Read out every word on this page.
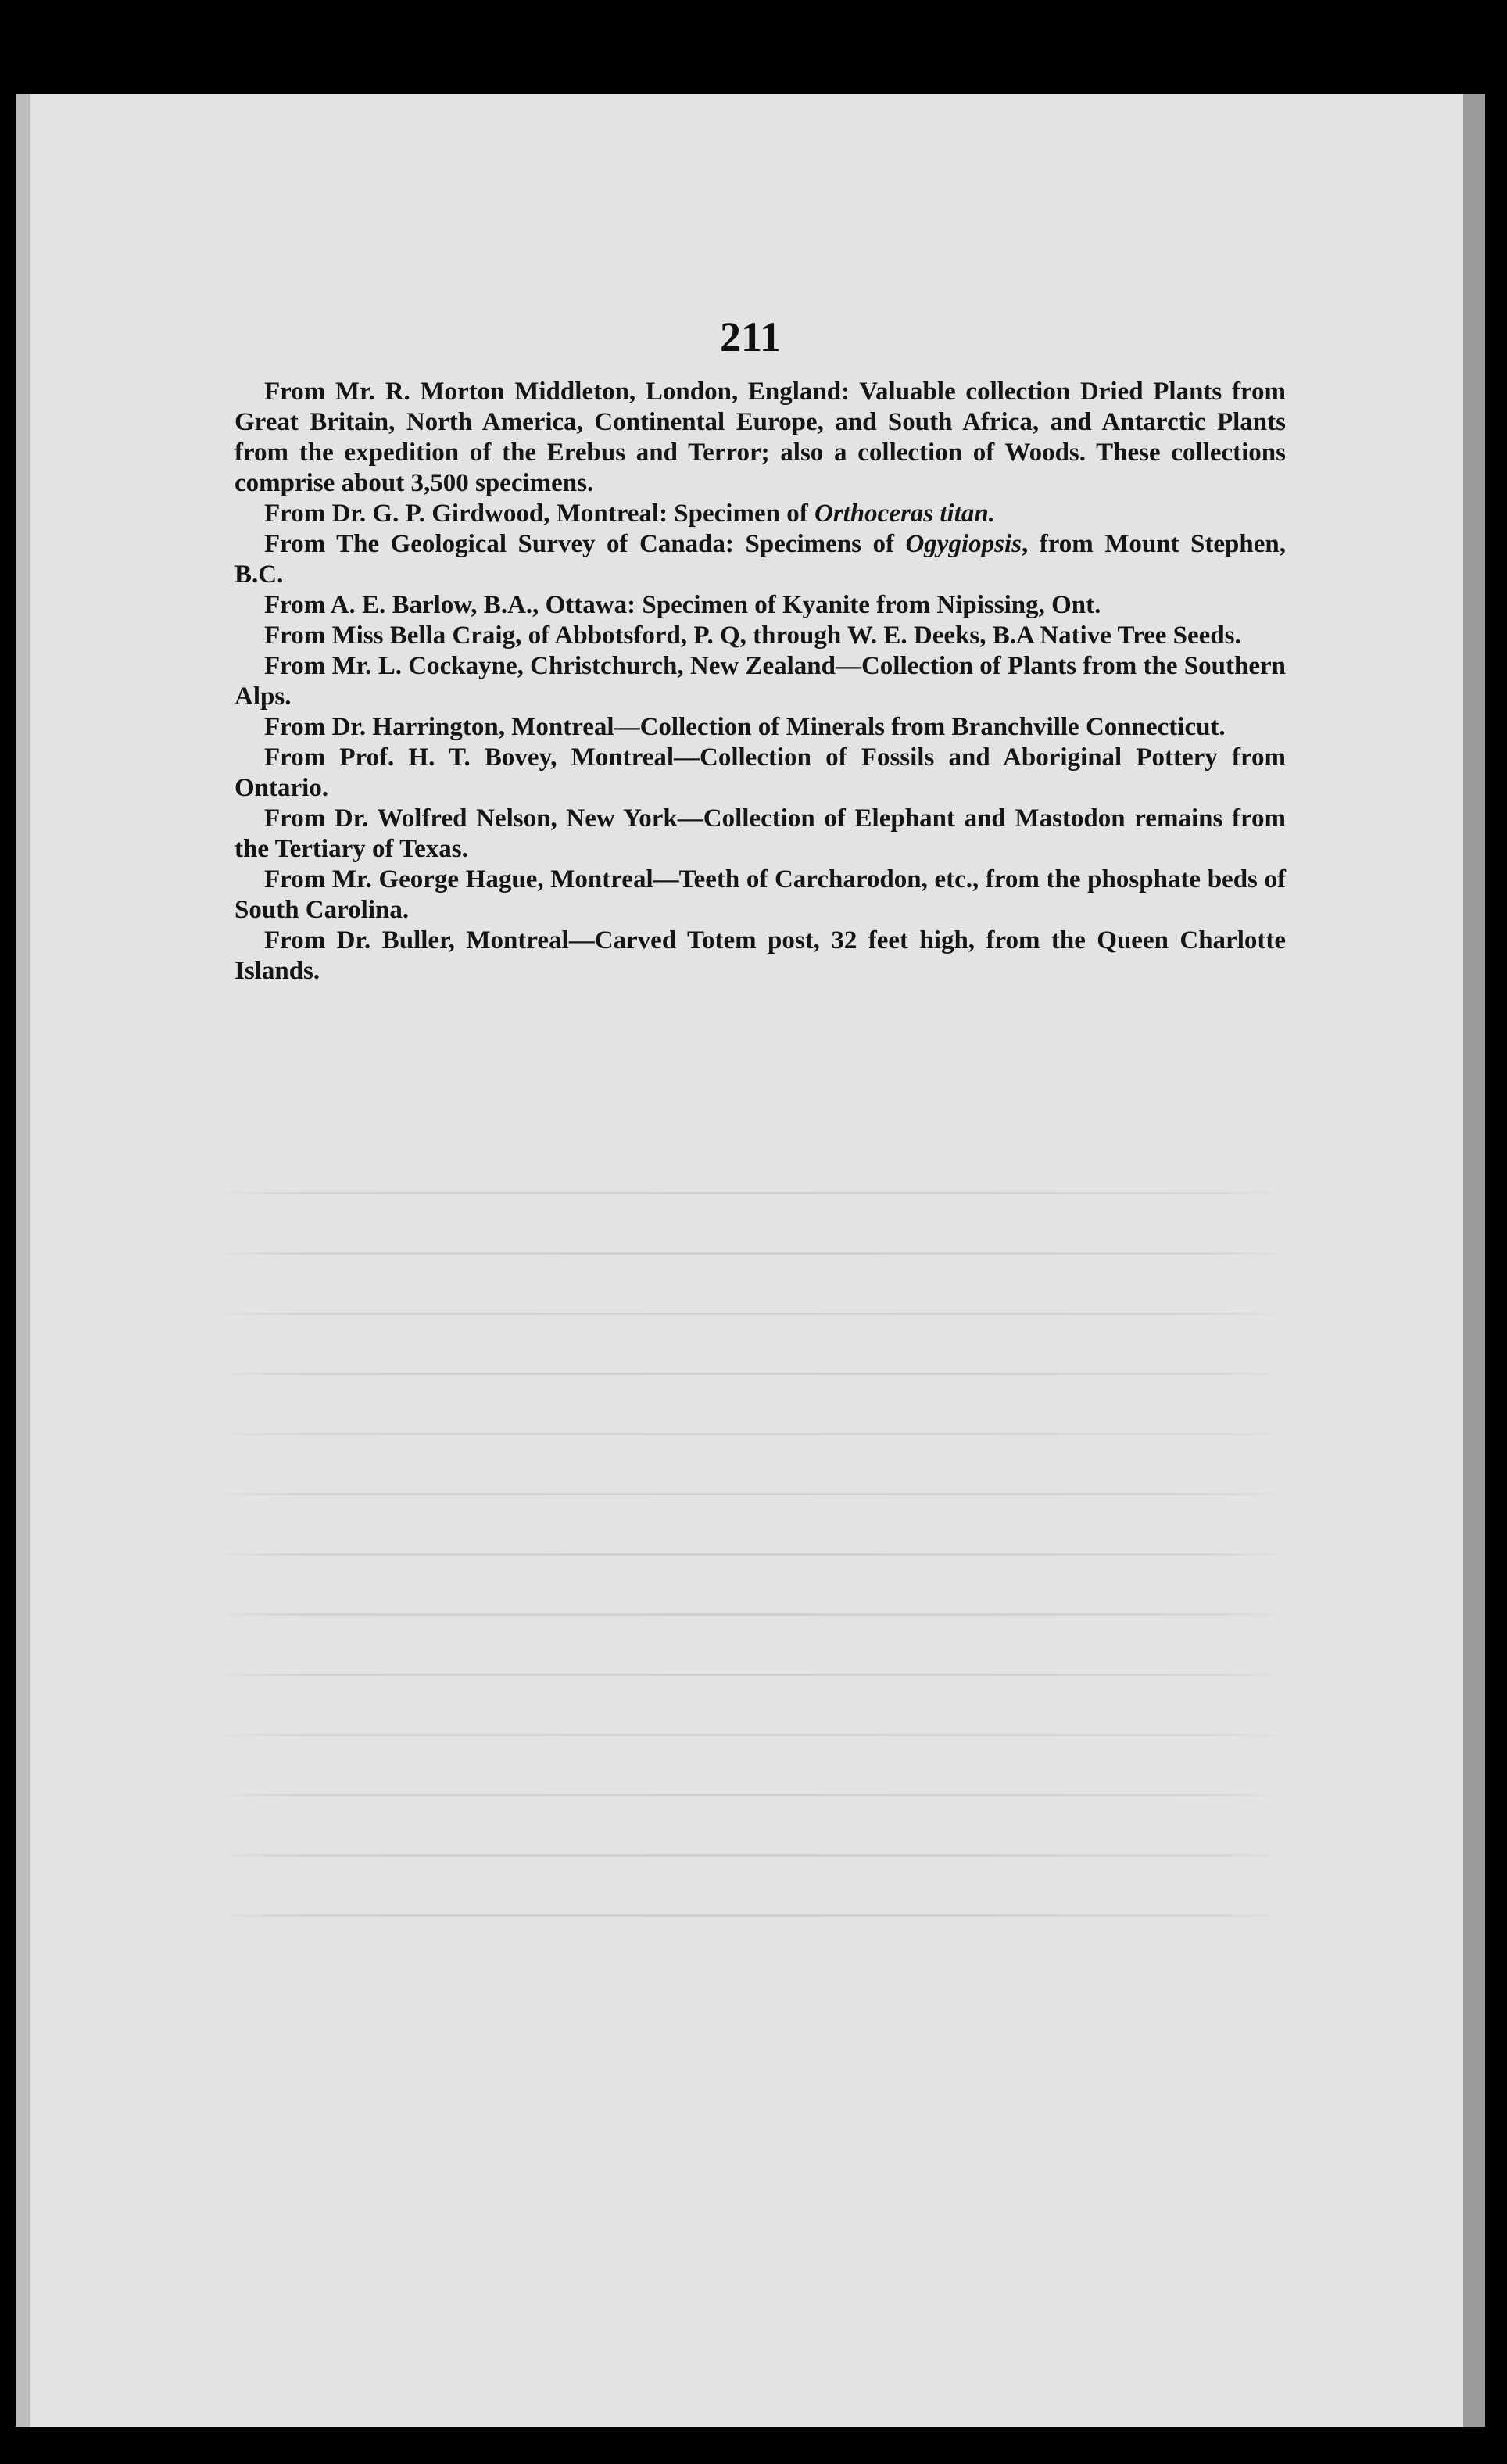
211

From Mr. R. Morton Middleton, London, England: Valuable collection Dried Plants from Great Britain, North America, Continental Europe, and South Africa, and Antarctic Plants from the expedition of the Erebus and Terror; also a collection of Woods. These collections comprise about 3,500 specimens.

From Dr. G. P. Girdwood, Montreal: Specimen of Orthoceras titan.

From The Geological Survey of Canada: Specimens of Ogygiopsis, from Mount Stephen, B.C.

From A. E. Barlow, B.A., Ottawa: Specimen of Kyanite from Nipissing, Ont.

From Miss Bella Craig, of Abbotsford, P. Q, through W. E. Deeks, B.A Native Tree Seeds.

From Mr. L. Cockayne, Christchurch, New Zealand—Collection of Plants from the Southern Alps.

From Dr. Harrington, Montreal—Collection of Minerals from Branchville Connecticut.

From Prof. H. T. Bovey, Montreal—Collection of Fossils and Aboriginal Pottery from Ontario.

From Dr. Wolfred Nelson, New York—Collection of Elephant and Mastodon remains from the Tertiary of Texas.

From Mr. George Hague, Montreal—Teeth of Carcharodon, etc., from the phosphate beds of South Carolina.

From Dr. Buller, Montreal—Carved Totem post, 32 feet high, from the Queen Charlotte Islands.
